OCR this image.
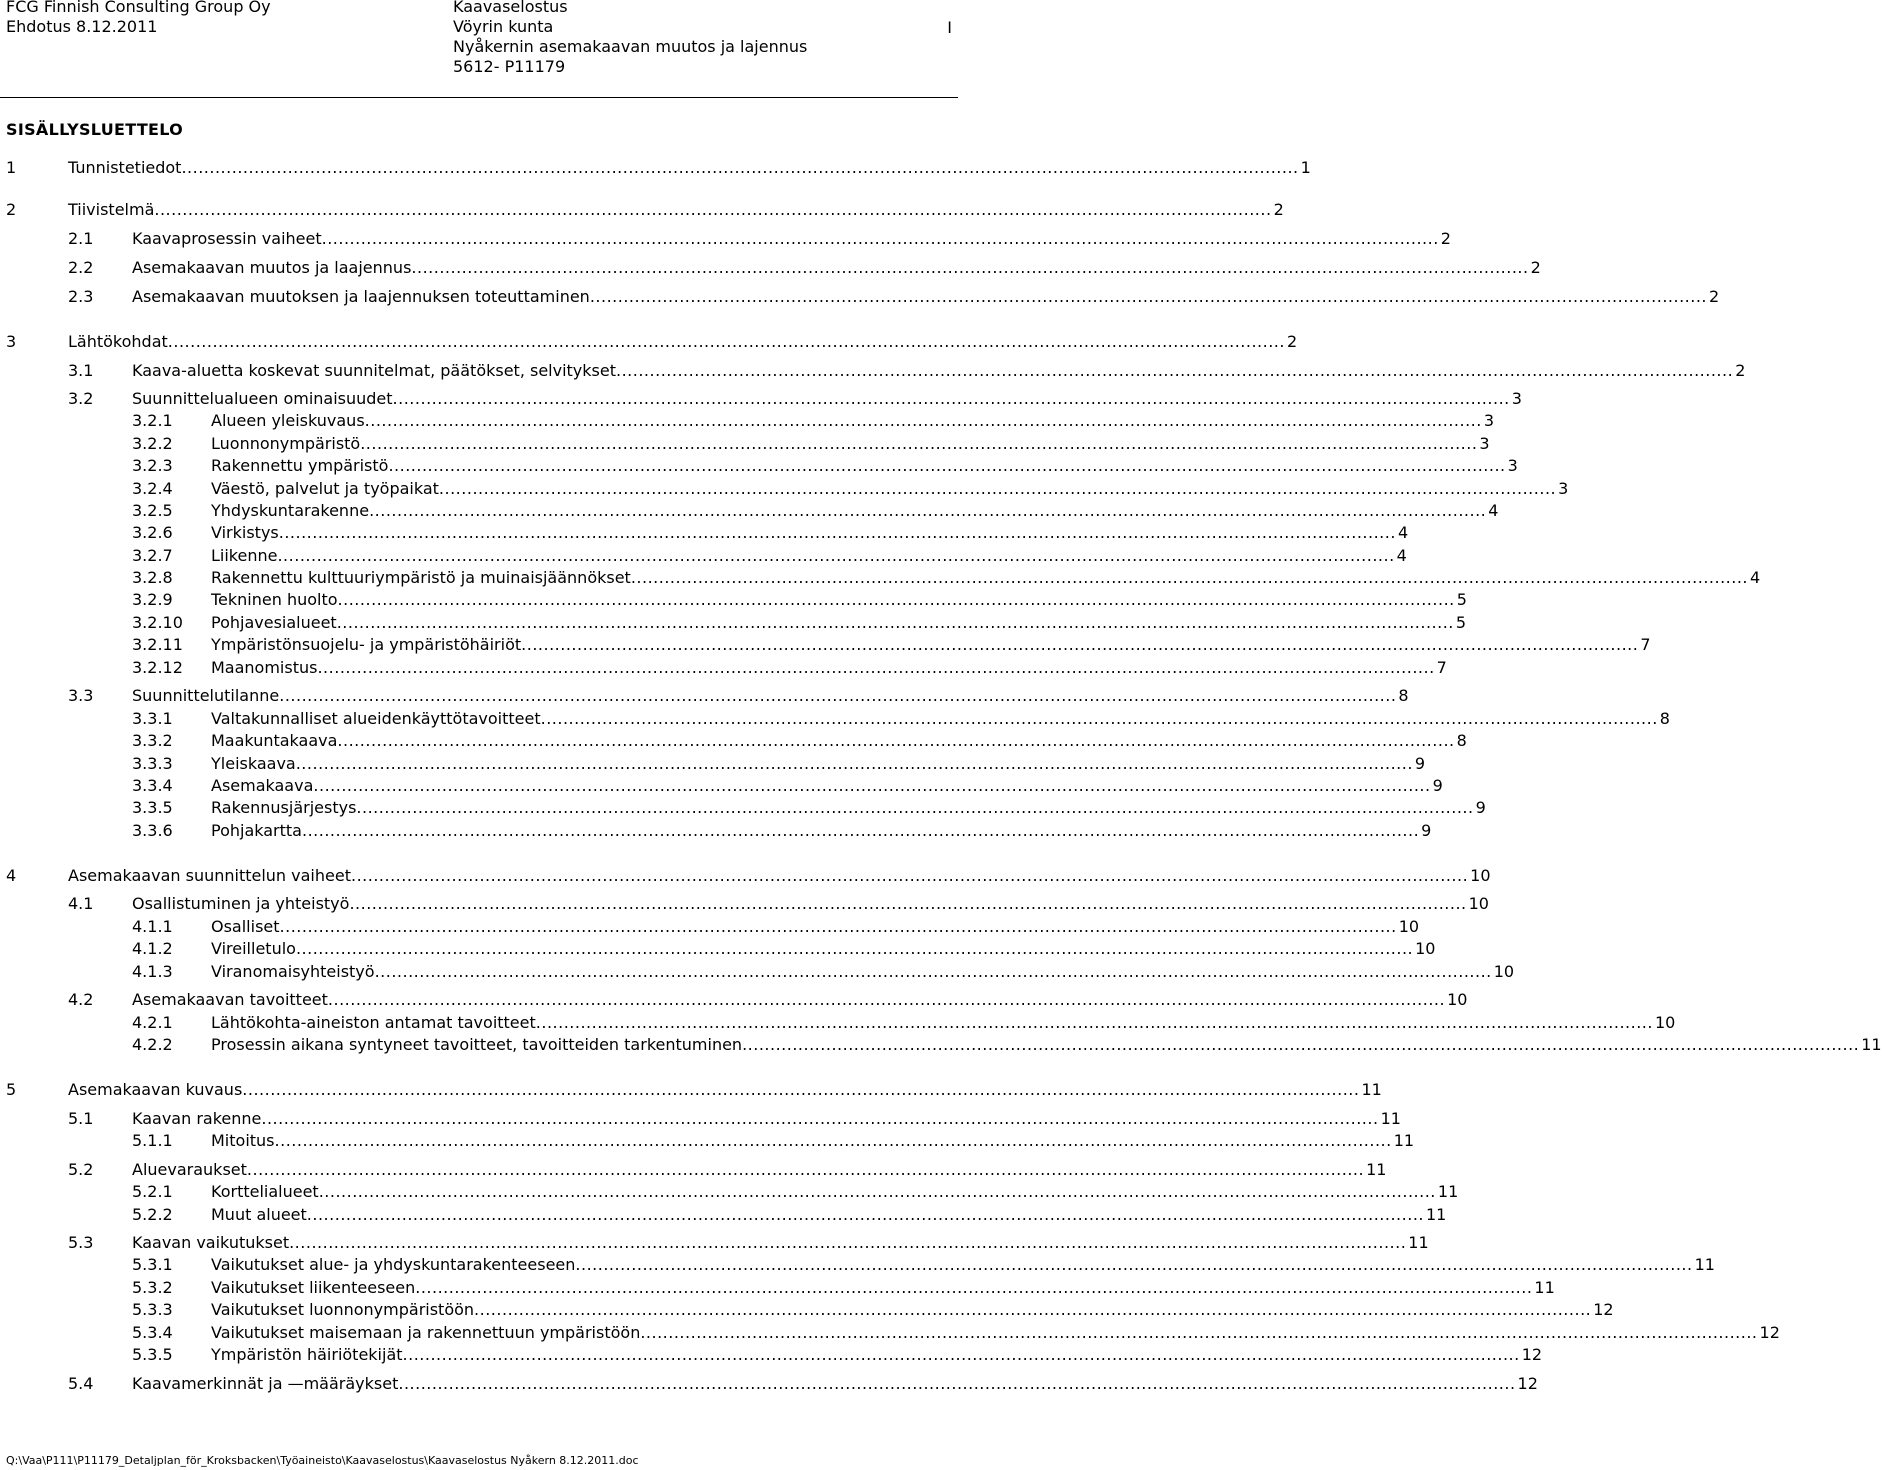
FCG Finnish Consulting Group Oy
Ehdotus 8.12.2011
Kaavaselostus
Vöyrin kunta
Nyåkernin asemakaavan muutos ja lajennus
5612- P11179
I
SISÄLLYSLUETTELO
1	Tunnistetiedot ........................................................................................................................................................................................................ 1
2	Tiivistelmä ........................................................................................................................................................................................................ 2
2.1 Kaavaprosessin vaiheet ........................................................................................................................................................................................................ 2
2.2 Asemakaavan muutos ja laajennus ........................................................................................................................................................................................................ 2
2.3 Asemakaavan muutoksen ja laajennuksen toteuttaminen ........................................................................................................................................................................................................ 2
3	Lähtökohdat ........................................................................................................................................................................................................ 2
3.1 Kaava-aluetta koskevat suunnitelmat, päätökset, selvitykset ........................................................................................................................................................................................................ 2
3.2 Suunnittelualueen ominaisuudet ........................................................................................................................................................................................................ 3
3.2.1 Alueen yleiskuvaus ........................................................................................................................................................................................................ 3
3.2.2 Luonnonympäristö ........................................................................................................................................................................................................ 3
3.2.3 Rakennettu ympäristö ........................................................................................................................................................................................................ 3
3.2.4 Väestö, palvelut ja työpaikat ........................................................................................................................................................................................................ 3
3.2.5 Yhdyskuntarakenne ........................................................................................................................................................................................................ 4
3.2.6 Virkistys ........................................................................................................................................................................................................ 4
3.2.7 Liikenne ........................................................................................................................................................................................................ 4
3.2.8 Rakennettu kulttuuriympäristö ja muinaisjäännökset ........................................................................................................................................................................................................ 4
3.2.9 Tekninen huolto ........................................................................................................................................................................................................ 5
3.2.10 Pohjavesialueet ........................................................................................................................................................................................................ 5
3.2.11 Ympäristönsuojelu- ja ympäristöhäiriöt ........................................................................................................................................................................................................ 7
3.2.12 Maanomistus ........................................................................................................................................................................................................ 7
3.3 Suunnittelutilanne ........................................................................................................................................................................................................ 8
3.3.1 Valtakunnalliset alueidenkäyttötavoitteet ........................................................................................................................................................................................................ 8
3.3.2 Maakuntakaava ........................................................................................................................................................................................................ 8
3.3.3 Yleiskaava ........................................................................................................................................................................................................ 9
3.3.4 Asemakaava ........................................................................................................................................................................................................ 9
3.3.5 Rakennusjärjestys ........................................................................................................................................................................................................ 9
3.3.6 Pohjakartta ........................................................................................................................................................................................................ 9
4	Asemakaavan suunnittelun vaiheet ........................................................................................................................................................................................................ 10
4.1 Osallistuminen ja yhteistyö ........................................................................................................................................................................................................ 10
4.1.1 Osalliset ........................................................................................................................................................................................................ 10
4.1.2 Vireilletulo ........................................................................................................................................................................................................ 10
4.1.3 Viranomaisyhteistyö ........................................................................................................................................................................................................ 10
4.2 Asemakaavan tavoitteet ........................................................................................................................................................................................................ 10
4.2.1 Lähtökohta-aineiston antamat tavoitteet ........................................................................................................................................................................................................ 10
4.2.2 Prosessin aikana syntyneet tavoitteet, tavoitteiden tarkentuminen ........................................................................................................................................................................................................ 11
5	Asemakaavan kuvaus ........................................................................................................................................................................................................ 11
5.1 Kaavan rakenne ........................................................................................................................................................................................................ 11
5.1.1 Mitoitus ........................................................................................................................................................................................................ 11
5.2 Aluevaraukset ........................................................................................................................................................................................................ 11
5.2.1 Korttelialueet ........................................................................................................................................................................................................ 11
5.2.2 Muut alueet ........................................................................................................................................................................................................ 11
5.3 Kaavan vaikutukset ........................................................................................................................................................................................................ 11
5.3.1 Vaikutukset alue- ja yhdyskuntarakenteeseen ........................................................................................................................................................................................................ 11
5.3.2 Vaikutukset liikenteeseen ........................................................................................................................................................................................................ 11
5.3.3 Vaikutukset luonnonympäristöön ........................................................................................................................................................................................................ 12
5.3.4 Vaikutukset maisemaan ja rakennettuun ympäristöön ........................................................................................................................................................................................................ 12
5.3.5 Ympäristön häiriötekijät ........................................................................................................................................................................................................ 12
5.4 Kaavamerkinnät ja —määräykset ........................................................................................................................................................................................................ 12
Q:\Vaa\P111\P11179_Detaljplan_för_Kroksbacken\Työaineisto\Kaavaselostus\Kaavaselostus Nyåkern 8.12.2011.doc
